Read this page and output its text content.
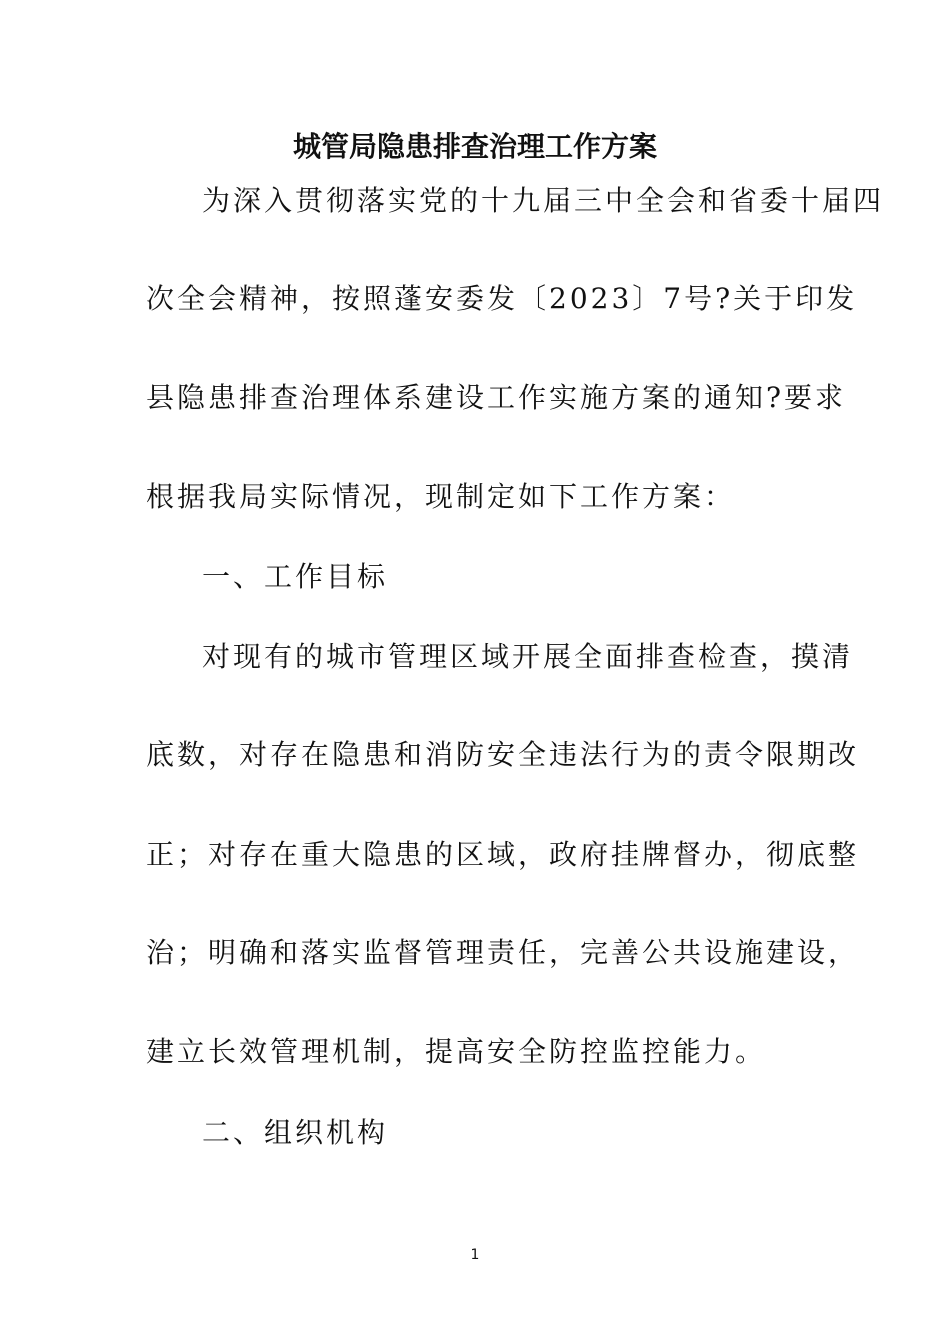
城管局隐患排查治理工作方案
为深入贯彻落实党的十九届三中全会和省委十届四
次全会精神，按照蓬安委发〔2023〕7号?关于印发
县隐患排查治理体系建设工作实施方案的通知?要求
根据我局实际情况，现制定如下工作方案：
一、工作目标
对现有的城市管理区域开展全面排查检查，摸清
底数，对存在隐患和消防安全违法行为的责令限期改
正；对存在重大隐患的区域，政府挂牌督办，彻底整
治；明确和落实监督管理责任，完善公共设施建设，
建立长效管理机制，提高安全防控监控能力。
二、组织机构
1
